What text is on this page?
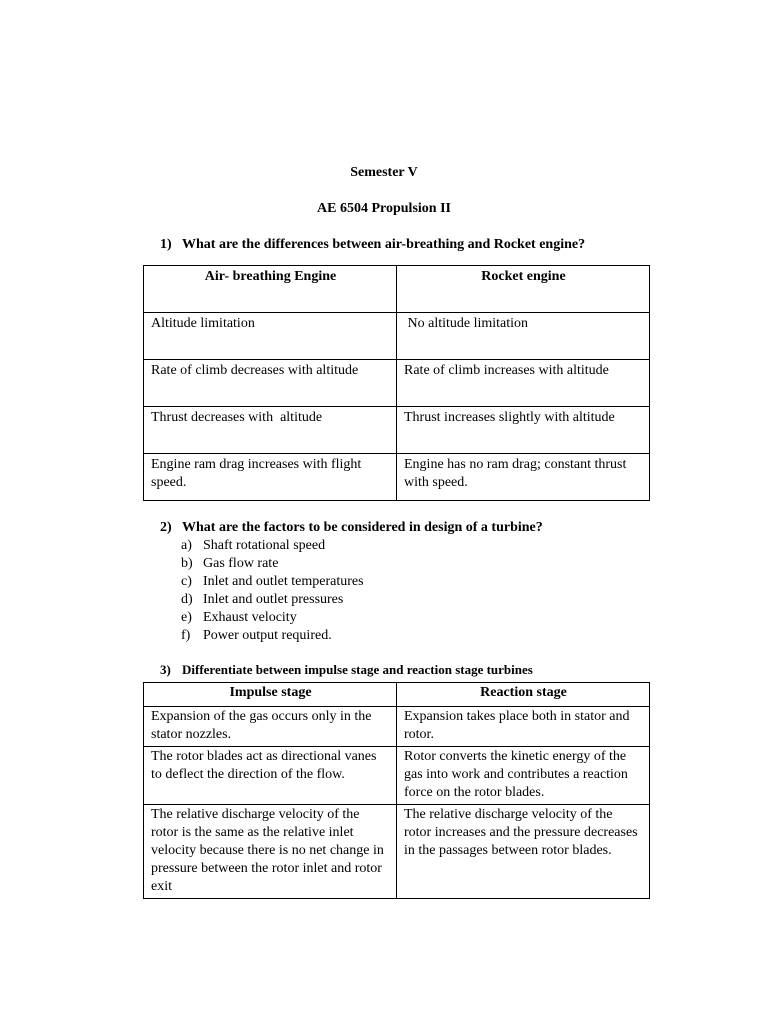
Semester V
AE 6504 Propulsion II
1) What are the differences between air-breathing and Rocket engine?
Air- breathing Engine	Rocket engine
Altitude limitation	No altitude limitation
Rate of climb decreases with altitude	Rate of climb increases with altitude
Thrust decreases with  altitude	Thrust increases slightly with altitude
Engine ram drag increases with flight speed.	Engine has no ram drag; constant thrust with speed.
2) What are the factors to be considered in design of a turbine?
a) Shaft rotational speed
b) Gas flow rate
c) Inlet and outlet temperatures
d) Inlet and outlet pressures
e) Exhaust velocity
f) Power output required.
3) Differentiate between impulse stage and reaction stage turbines
Impulse stage	Reaction stage
Expansion of the gas occurs only in the stator nozzles.	Expansion takes place both in stator and rotor.
The rotor blades act as directional vanes to deflect the direction of the flow.	Rotor converts the kinetic energy of the gas into work and contributes a reaction force on the rotor blades.
The relative discharge velocity of the rotor is the same as the relative inlet velocity because there is no net change in pressure between the rotor inlet and rotor exit	The relative discharge velocity of the rotor increases and the pressure decreases in the passages between rotor blades.
